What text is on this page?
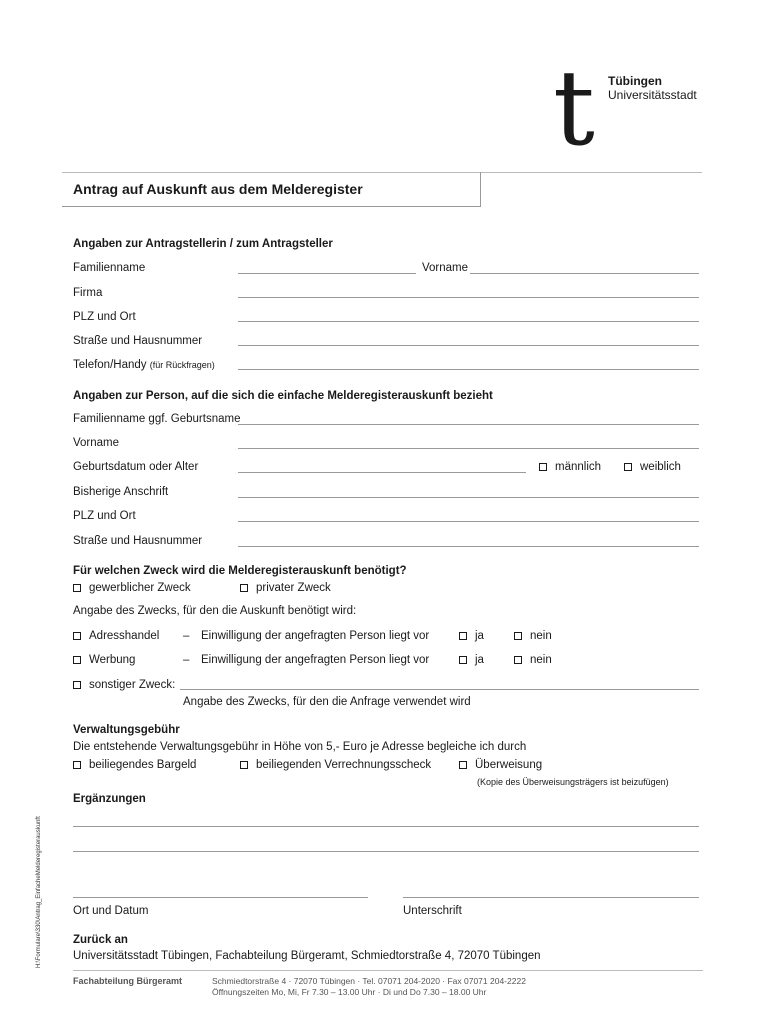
t Tübingen
Universitätsstadt
Antrag auf Auskunft aus dem Melderegister
Angaben zur Antragstellerin / zum Antragsteller
Familienname	Vorname
Firma
PLZ und Ort
Straße und Hausnummer
Telefon/Handy (für Rückfragen)
Angaben zur Person, auf die sich die einfache Melderegisterauskunft bezieht
Familienname ggf. Geburtsname
Vorname
Geburtsdatum oder Alter	männlich	weiblich
Bisherige Anschrift
PLZ und Ort
Straße und Hausnummer
Für welchen Zweck wird die Melderegisterauskunft benötigt?
gewerblicher Zweck	privater Zweck
Angabe des Zwecks, für den die Auskunft benötigt wird:
Adresshandel – Einwilligung der angefragten Person liegt vor	ja	nein
Werbung	– Einwilligung der angefragten Person liegt vor	ja	nein
sonstiger Zweck:
Angabe des Zwecks, für den die Anfrage verwendet wird
Verwaltungsgebühr
Die entstehende Verwaltungsgebühr in Höhe von 5,- Euro je Adresse begleiche ich durch
beiliegendes Bargeld	beiliegenden Verrechnungsscheck	Überweisung
(Kopie des Überweisungsträgers ist beizufügen)
Ergänzungen
Ort und Datum	Unterschrift
Zurück an
Universitätsstadt Tübingen, Fachabteilung Bürgeramt, Schmiedtorstraße 4, 72070 Tübingen
Fachabteilung Bürgeramt	Schmiedtorstraße 4 · 72070 Tübingen · Tel. 07071 204-2020 · Fax 07071 204-2222
Öffnungszeiten Mo, Mi, Fr 7.30 – 13.00 Uhr · Di und Do 7.30 – 18.00 Uhr
H:\Formulare\330\Antrag_EinfacheMelderegisterauskunft
